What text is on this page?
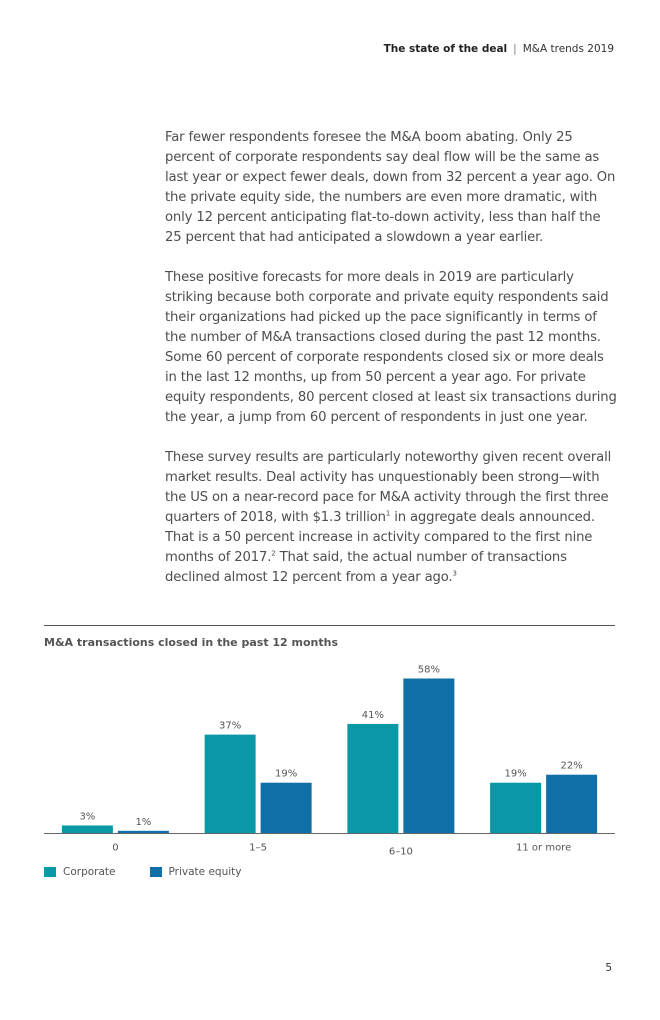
The state of the deal | M&A trends 2019

Far fewer respondents foresee the M&A boom abating. Only 25 percent of corporate respondents say deal flow will be the same as last year or expect fewer deals, down from 32 percent a year ago. On the private equity side, the numbers are even more dramatic, with only 12 percent anticipating flat-to-down activity, less than half the 25 percent that had anticipated a slowdown a year earlier.

These positive forecasts for more deals in 2019 are particularly striking because both corporate and private equity respondents said their organizations had picked up the pace significantly in terms of the number of M&A transactions closed during the past 12 months. Some 60 percent of corporate respondents closed six or more deals in the last 12 months, up from 50 percent a year ago. For private equity respondents, 80 percent closed at least six transactions during the year, a jump from 60 percent of respondents in just one year.

These survey results are particularly noteworthy given recent overall market results. Deal activity has unquestionably been strong—with the US on a near-record pace for M&A activity through the first three quarters of 2018, with $1.3 trillion$^1$ in aggregate deals announced. That is a 50 percent increase in activity compared to the first nine months of 2017.$^2$ That said, the actual number of transactions declined almost 12 percent from a year ago.$^3$

M&A transactions closed in the past 12 months
3%	1%
0
37%
19%
1–5
41%
58%
6–10
19%
22%
11 or more
Corporate	Private equity
5
